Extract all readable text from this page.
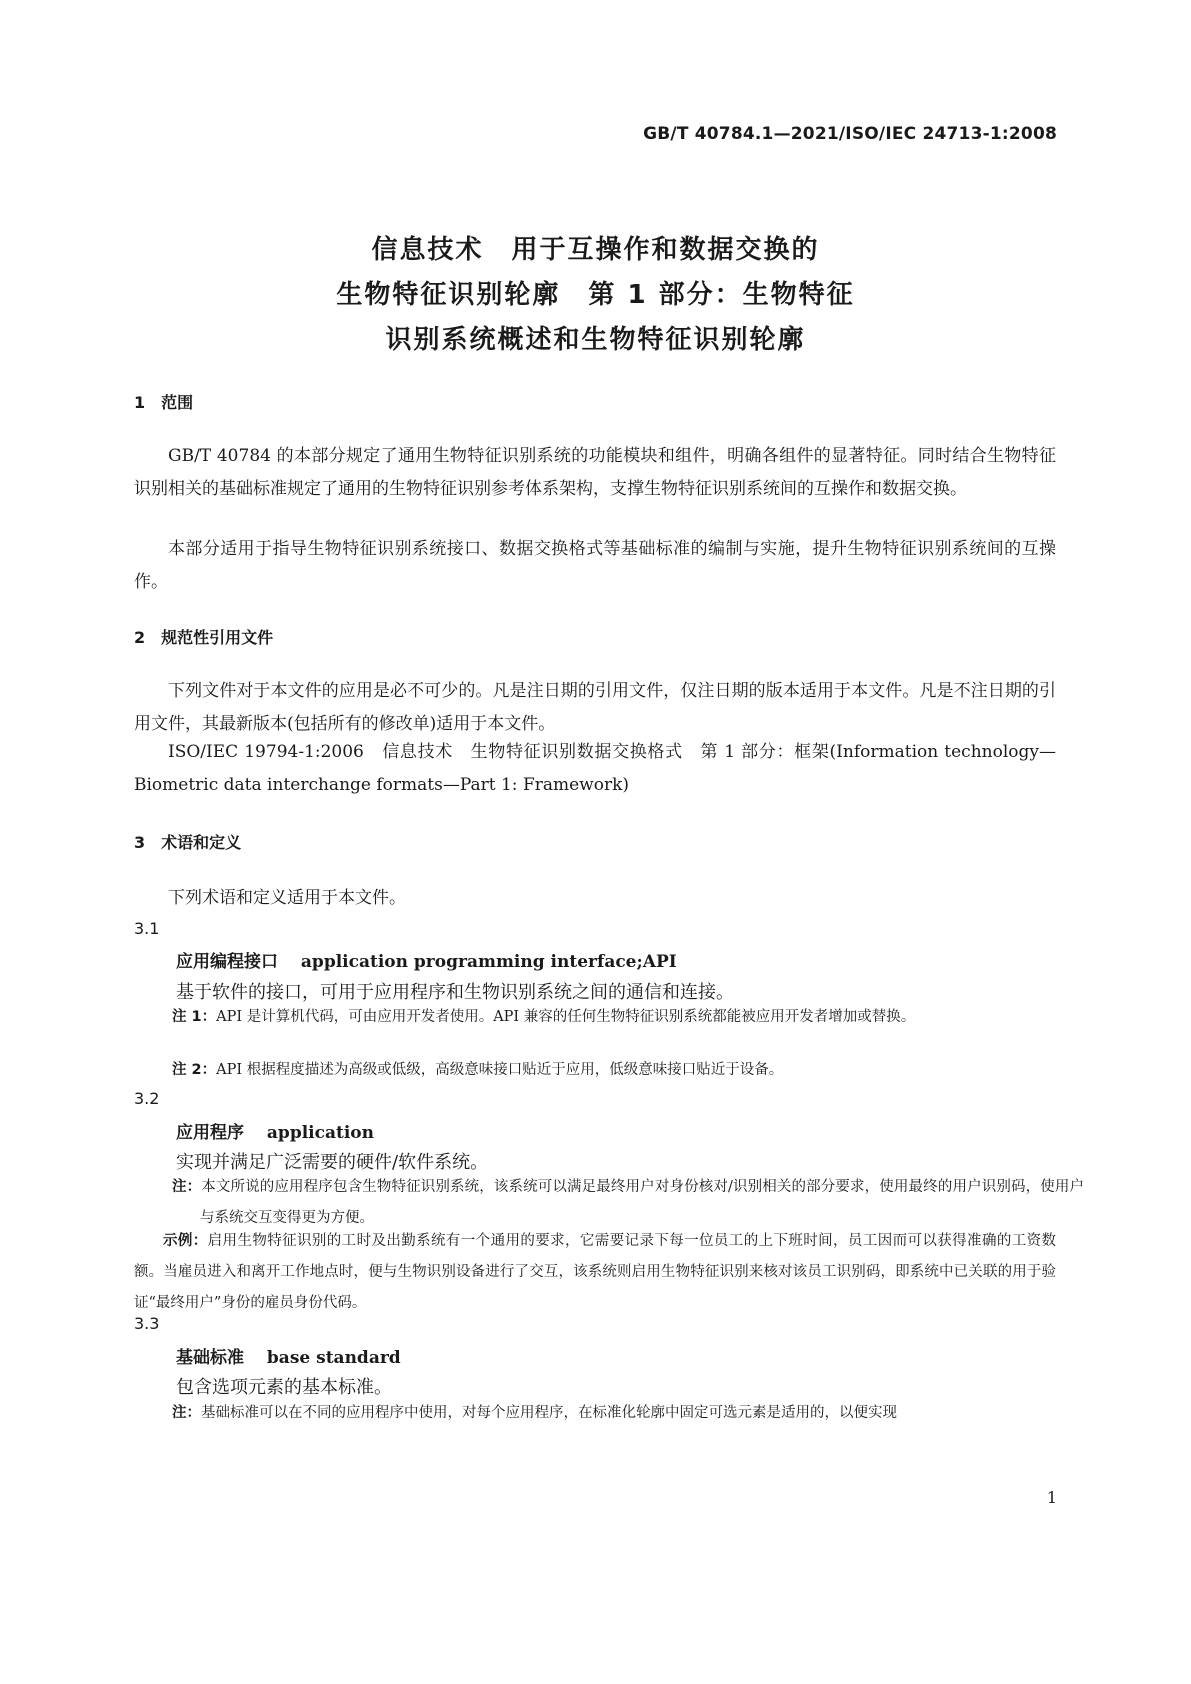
GB/T 40784.1—2021/ISO/IEC 24713-1:2008
信息技术　用于互操作和数据交换的
生物特征识别轮廓　第 1 部分：生物特征
识别系统概述和生物特征识别轮廓
1　范围

GB/T 40784 的本部分规定了通用生物特征识别系统的功能模块和组件，明确各组件的显著特征。同时结合生物特征识别相关的基础标准规定了通用的生物特征识别参考体系架构，支撑生物特征识别系统间的互操作和数据交换。

本部分适用于指导生物特征识别系统接口、数据交换格式等基础标准的编制与实施，提升生物特征识别系统间的互操作。

2　规范性引用文件

下列文件对于本文件的应用是必不可少的。凡是注日期的引用文件，仅注日期的版本适用于本文件。凡是不注日期的引用文件，其最新版本(包括所有的修改单)适用于本文件。

ISO/IEC 19794-1:2006　信息技术　生物特征识别数据交换格式　第 1 部分：框架(Information technology—Biometric data interchange formats—Part 1: Framework)

3　术语和定义

下列术语和定义适用于本文件。

3.1
应用编程接口　 application programming interface;API
基于软件的接口，可用于应用程序和生物识别系统之间的通信和连接。

注 1：API 是计算机代码，可由应用开发者使用。API 兼容的任何生物特征识别系统都能被应用开发者增加或替换。

注 2：API 根据程度描述为高级或低级，高级意味接口贴近于应用，低级意味接口贴近于设备。

3.2
应用程序　 application
实现并满足广泛需要的硬件/软件系统。

注：本文所说的应用程序包含生物特征识别系统，该系统可以满足最终用户对身份核对/识别相关的部分要求，使用最终的用户识别码，使用户与系统交互变得更为方便。

示例：启用生物特征识别的工时及出勤系统有一个通用的要求，它需要记录下每一位员工的上下班时间，员工因而可以获得准确的工资数额。当雇员进入和离开工作地点时，便与生物识别设备进行了交互，该系统则启用生物特征识别来核对该员工识别码，即系统中已关联的用于验证“最终用户”身份的雇员身份代码。

3.3
基础标准　 base standard
包含选项元素的基本标准。

注：基础标准可以在不同的应用程序中使用，对每个应用程序，在标准化轮廓中固定可选元素是适用的，以便实现

1
